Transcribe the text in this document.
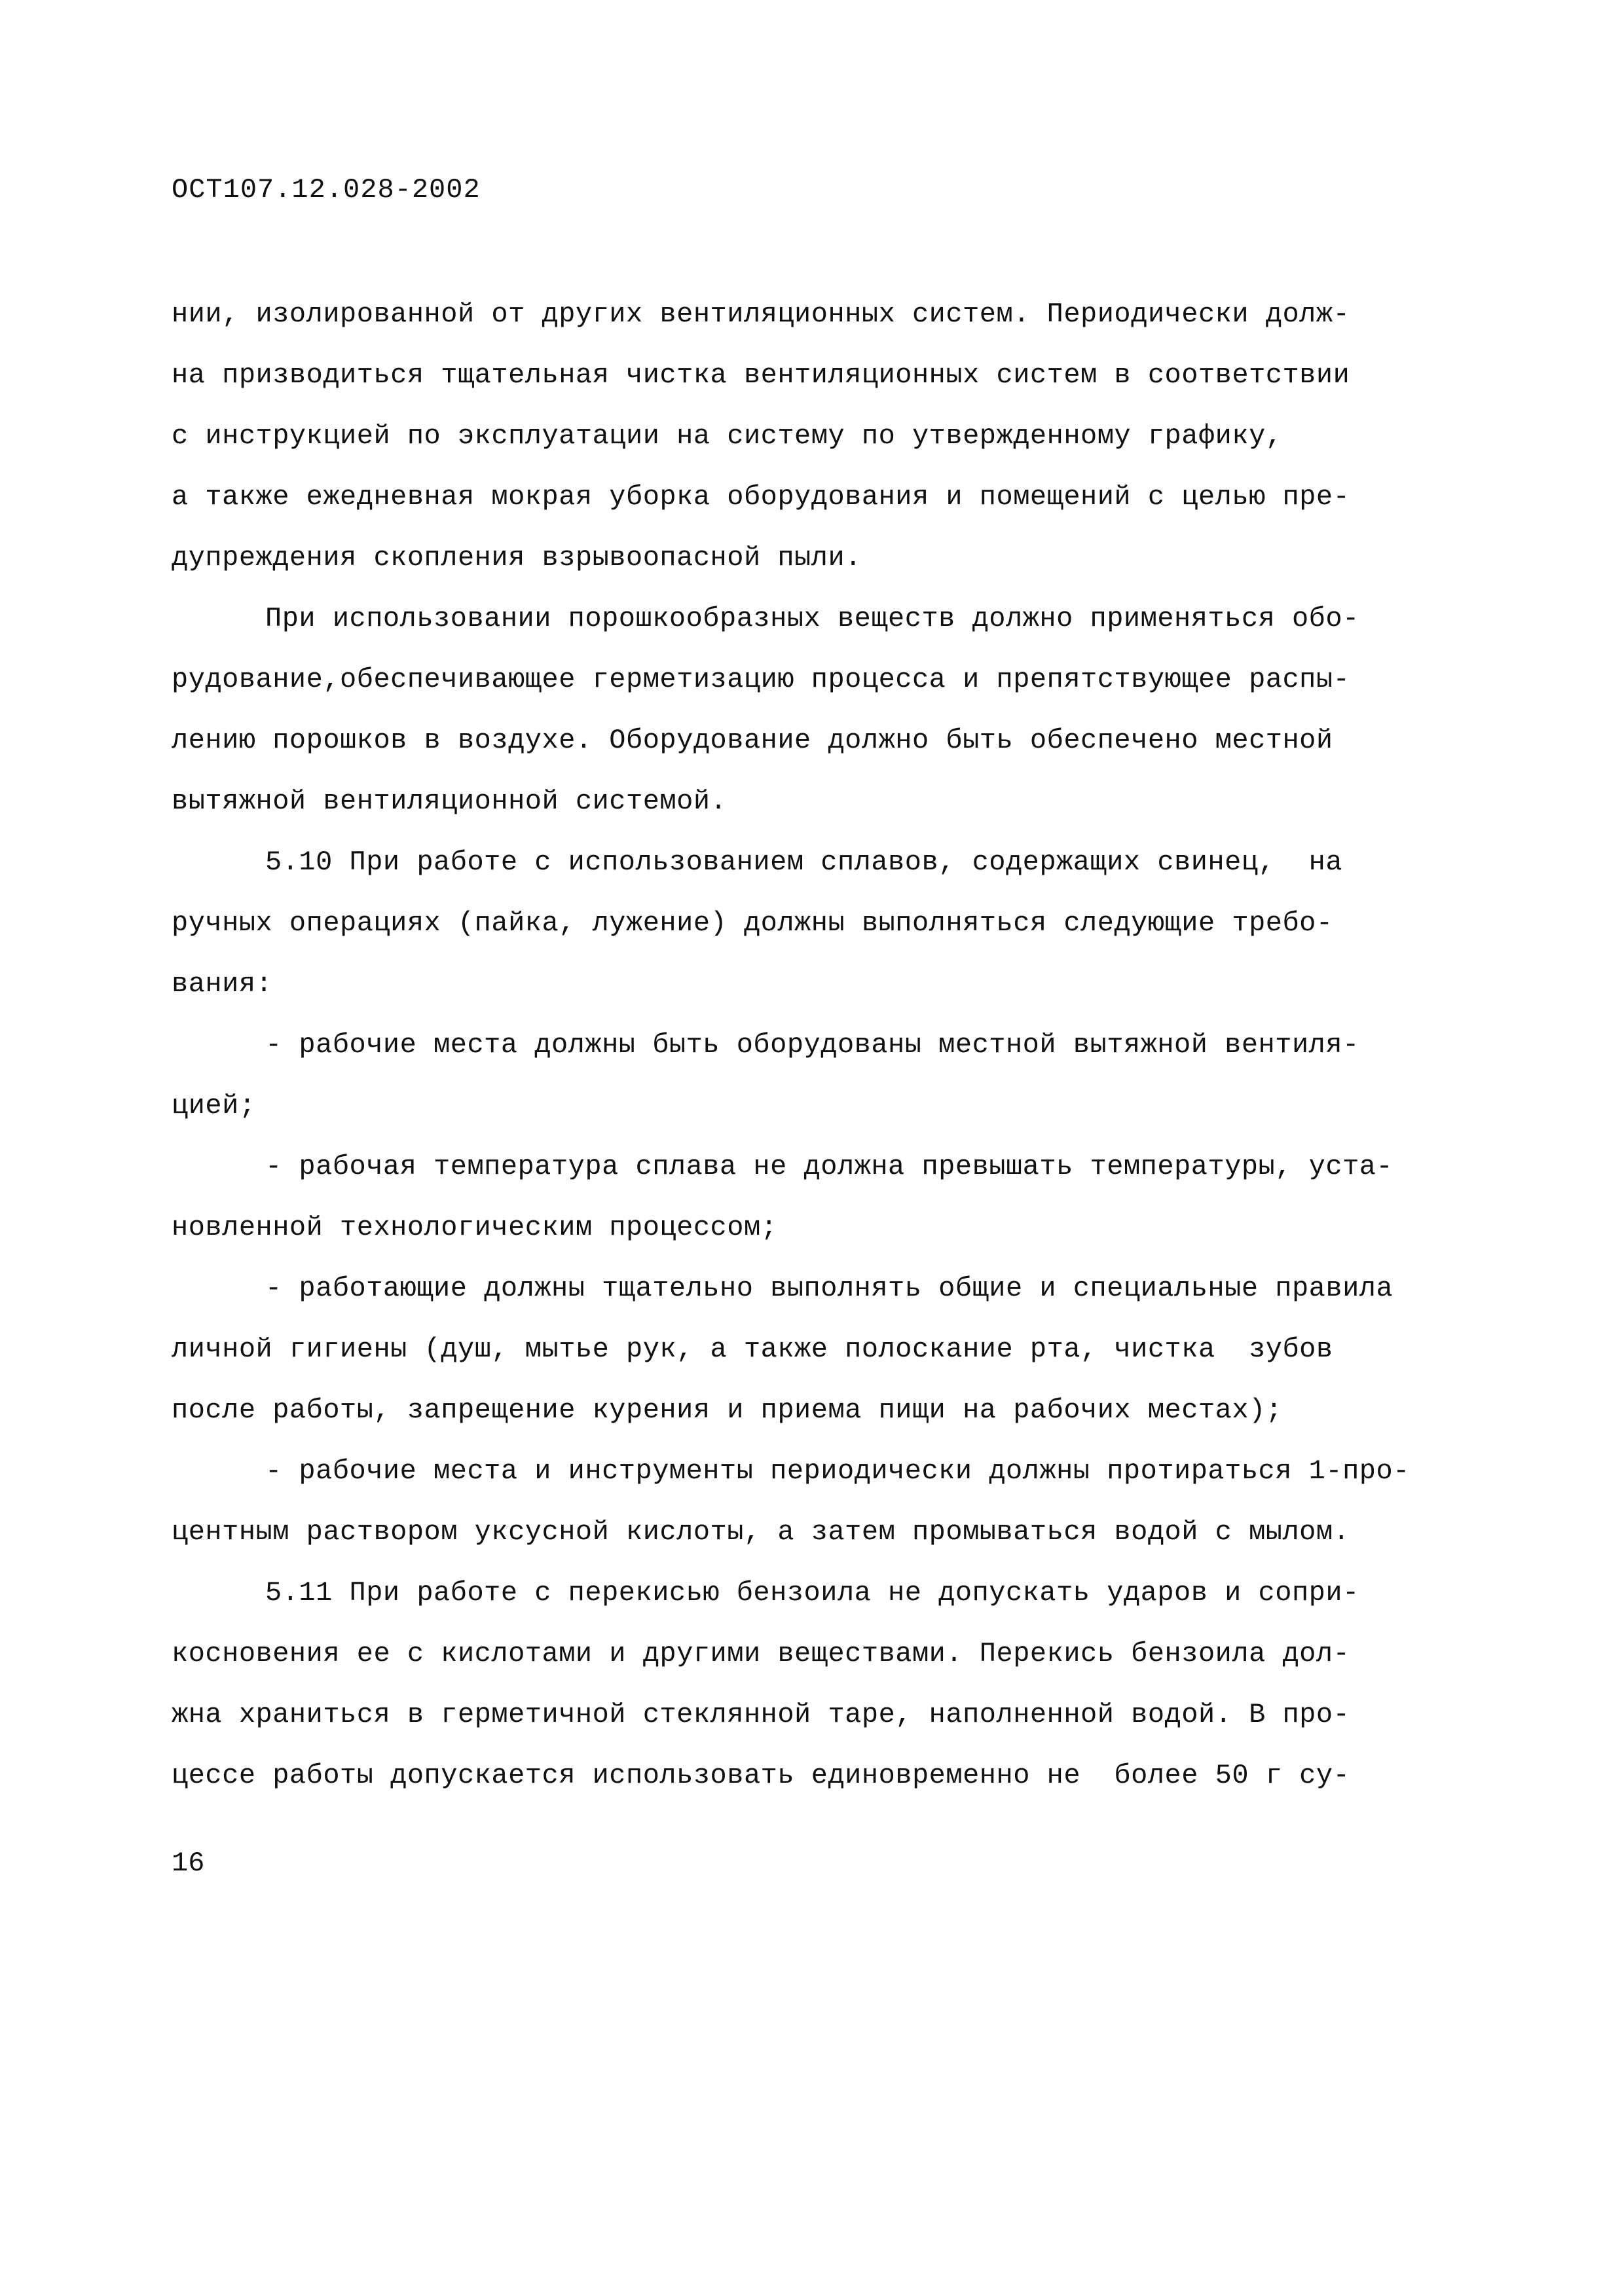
ОСТ107.12.028-2002
нии, изолированной от других вентиляционных систем. Периодически долж-
на призводиться тщательная чистка вентиляционных систем в соответствии
с инструкцией по эксплуатации на систему по утвержденному графику,
а также ежедневная мокрая уборка оборудования и помещений с целью пре-
дупреждения скопления взрывоопасной пыли.
При использовании порошкообразных веществ должно применяться обо-
рудование,обеспечивающее герметизацию процесса и препятствующее распы-
лению порошков в воздухе. Оборудование должно быть обеспечено местной
вытяжной вентиляционной системой.
5.10 При работе с использованием сплавов, содержащих свинец,  на
ручных операциях (пайка, лужение) должны выполняться следующие требо-
вания:
- рабочие места должны быть оборудованы местной вытяжной вентиля-
цией;
- рабочая температура сплава не должна превышать температуры, уста-
новленной технологическим процессом;
- работающие должны тщательно выполнять общие и специальные правила
личной гигиены (душ, мытье рук, а также полоскание рта, чистка  зубов
после работы, запрещение курения и приема пищи на рабочих местах);
- рабочие места и инструменты периодически должны протираться 1-про-
центным раствором уксусной кислоты, а затем промываться водой с мылом.
5.11 При работе с перекисью бензоила не допускать ударов и сопри-
косновения ее с кислотами и другими веществами. Перекись бензоила дол-
жна храниться в герметичной стеклянной таре, наполненной водой. В про-
цессе работы допускается использовать единовременно не  более 50 г су-
16
